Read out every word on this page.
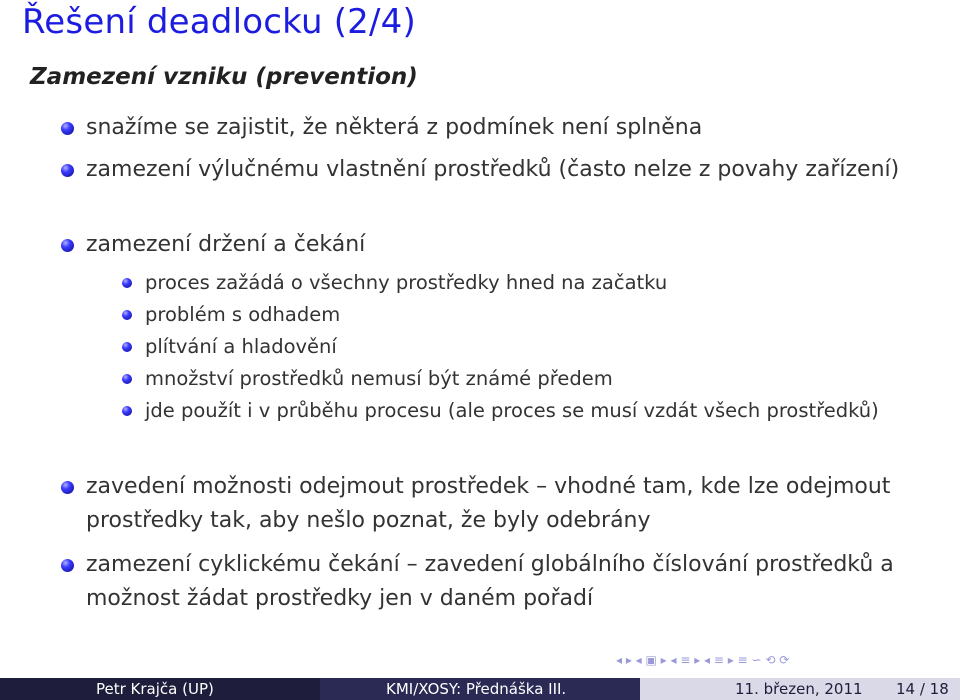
Řešení deadlocku (2/4)
Zamezení vzniku (prevention)
snažíme se zajistit, že některá z podmínek není splněna
zamezení výlučnému vlastnění prostředků (často nelze z povahy zařízení)
zamezení držení a čekání
proces zažádá o všechny prostředky hned na začatku
problém s odhadem
plítvání a hladovění
množství prostředků nemusí být známé předem
jde použít i v průběhu procesu (ale proces se musí vzdát všech prostředků)
zavedení možnosti odejmout prostředek – vhodné tam, kde lze odejmout prostředky tak, aby nešlo poznat, že byly odebrány
zamezení cyklickému čekání – zavedení globálního číslování prostředků a možnost žádat prostředky jen v daném pořadí
◂ ▸ ◂ ▣ ▸ ◂ ≡ ▸ ◂ ≡ ▸ ≡ ∽ ⟲ ⟳
Petr Krajča (UP)	KMI/XOSY: Přednáška III.	11. březen, 2011 14 / 18
